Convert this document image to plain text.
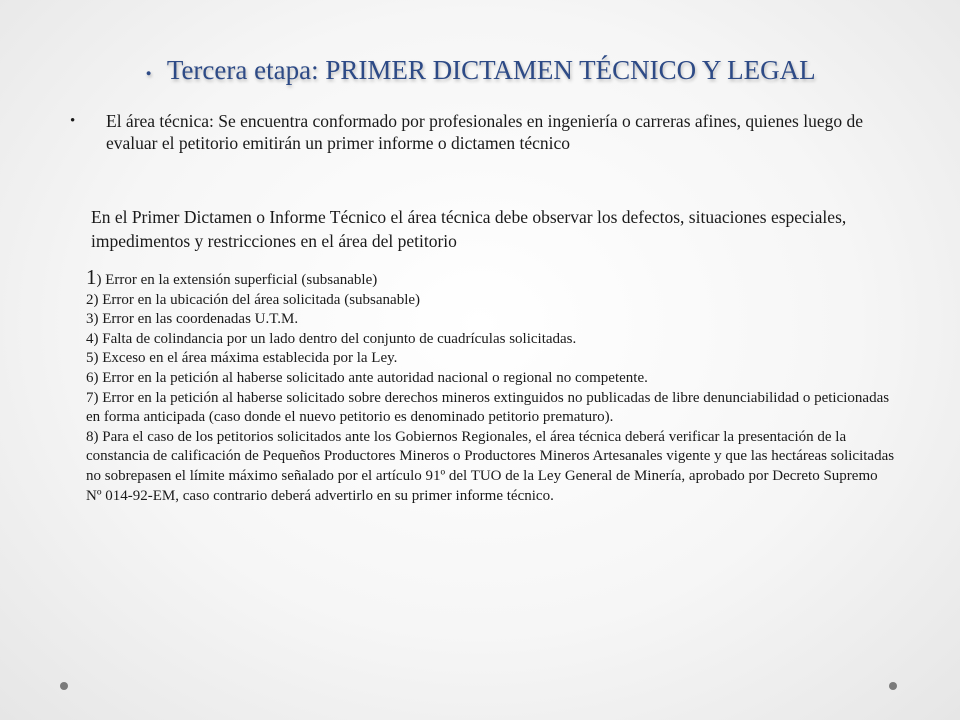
. Tercera etapa: PRIMER DICTAMEN TÉCNICO Y LEGAL
• El área técnica: Se encuentra conformado por profesionales en ingeniería o carreras afines, quienes luego de evaluar el petitorio emitirán un primer informe o dictamen técnico
En el Primer Dictamen o Informe Técnico el área técnica debe observar los defectos, situaciones especiales, impedimentos y restricciones en el área del petitorio
1) Error en la extensión superficial (subsanable)
2) Error en la ubicación del área solicitada (subsanable)
3) Error en las coordenadas U.T.M.
4) Falta de colindancia por un lado dentro del conjunto de cuadrículas solicitadas.
5) Exceso en el área máxima establecida por la Ley.
6) Error en la petición al haberse solicitado ante autoridad nacional o regional no competente.
7) Error en la petición al haberse solicitado sobre derechos mineros extinguidos no publicadas de libre denunciabilidad o peticionadas en forma anticipada (caso donde el nuevo petitorio es denominado petitorio prematuro).
8) Para el caso de los petitorios solicitados ante los Gobiernos Regionales, el área técnica deberá verificar la presentación de la constancia de calificación de Pequeños Productores Mineros o Productores Mineros Artesanales vigente y que las hectáreas solicitadas no sobrepasen el límite máximo señalado por el artículo 91º del TUO de la Ley General de Minería, aprobado por Decreto Supremo Nº 014-92-EM, caso contrario deberá advertirlo en su primer informe técnico.
